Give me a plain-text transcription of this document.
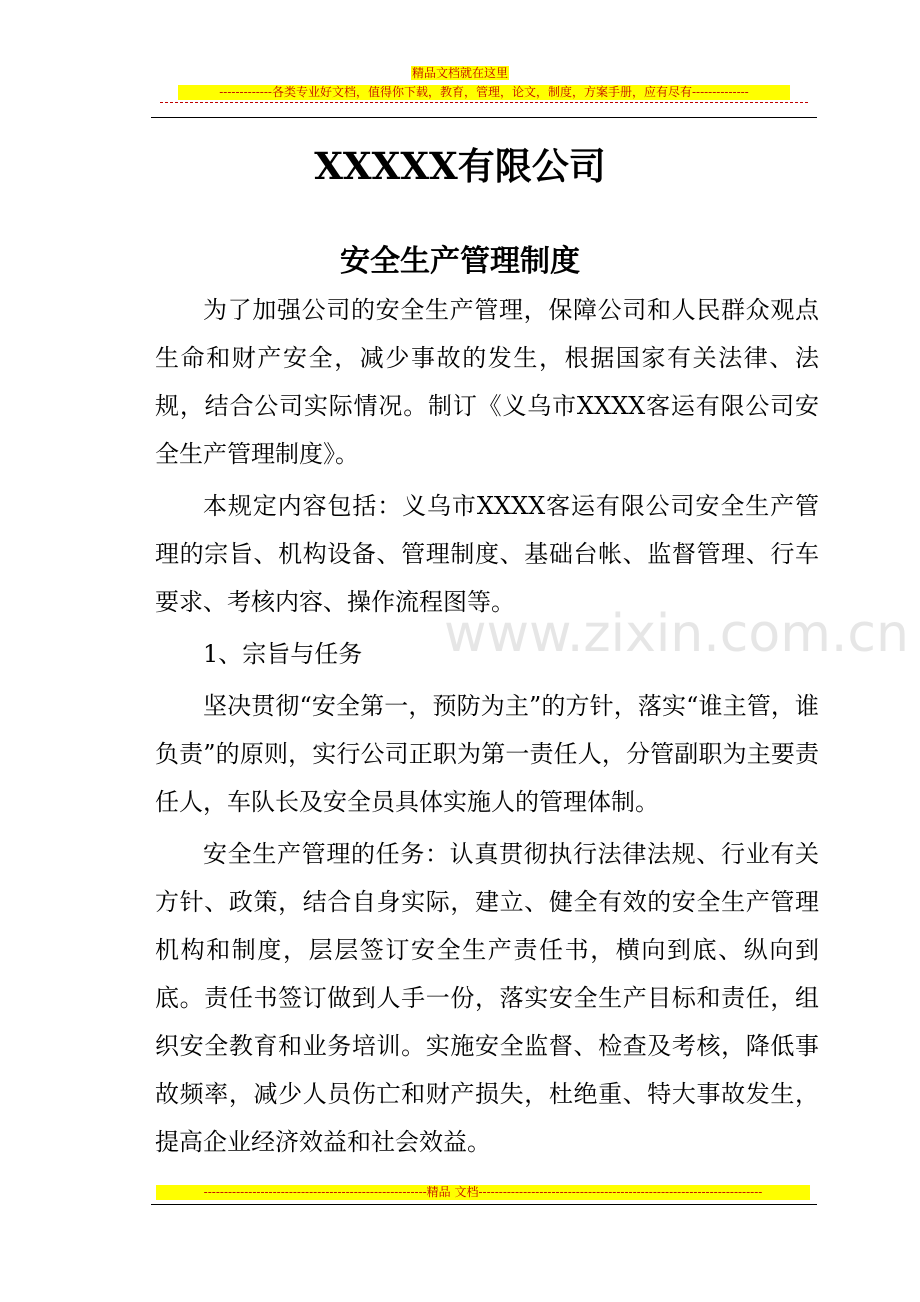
精品文档就在这里
-------------各类专业好文档，值得你下载，教育，管理，论文，制度，方案手册，应有尽有--------------
www.zixin.com.cn
XXXXX有限公司
安全生产管理制度

为了加强公司的安全生产管理，保障公司和人民群众观点生命和财产安全，减少事故的发生，根据国家有关法律、法规，结合公司实际情况。制订《义乌市XXXX客运有限公司安全生产管理制度》。

本规定内容包括：义乌市XXXX客运有限公司安全生产管理的宗旨、机构设备、管理制度、基础台帐、监督管理、行车要求、考核内容、操作流程图等。

1、宗旨与任务

坚决贯彻“安全第一，预防为主”的方针，落实“谁主管，谁负责”的原则，实行公司正职为第一责任人，分管副职为主要责任人，车队长及安全员具体实施人的管理体制。

安全生产管理的任务：认真贯彻执行法律法规、行业有关方针、政策，结合自身实际，建立、健全有效的安全生产管理机构和制度，层层签订安全生产责任书，横向到底、纵向到底。责任书签订做到人手一份，落实安全生产目标和责任，组织安全教育和业务培训。实施安全监督、检查及考核，降低事故频率，减少人员伤亡和财产损失，杜绝重、特大事故发生，提高企业经济效益和社会效益。

-------------------------------------------------------精品 文档----------------------------------------------------------------------
